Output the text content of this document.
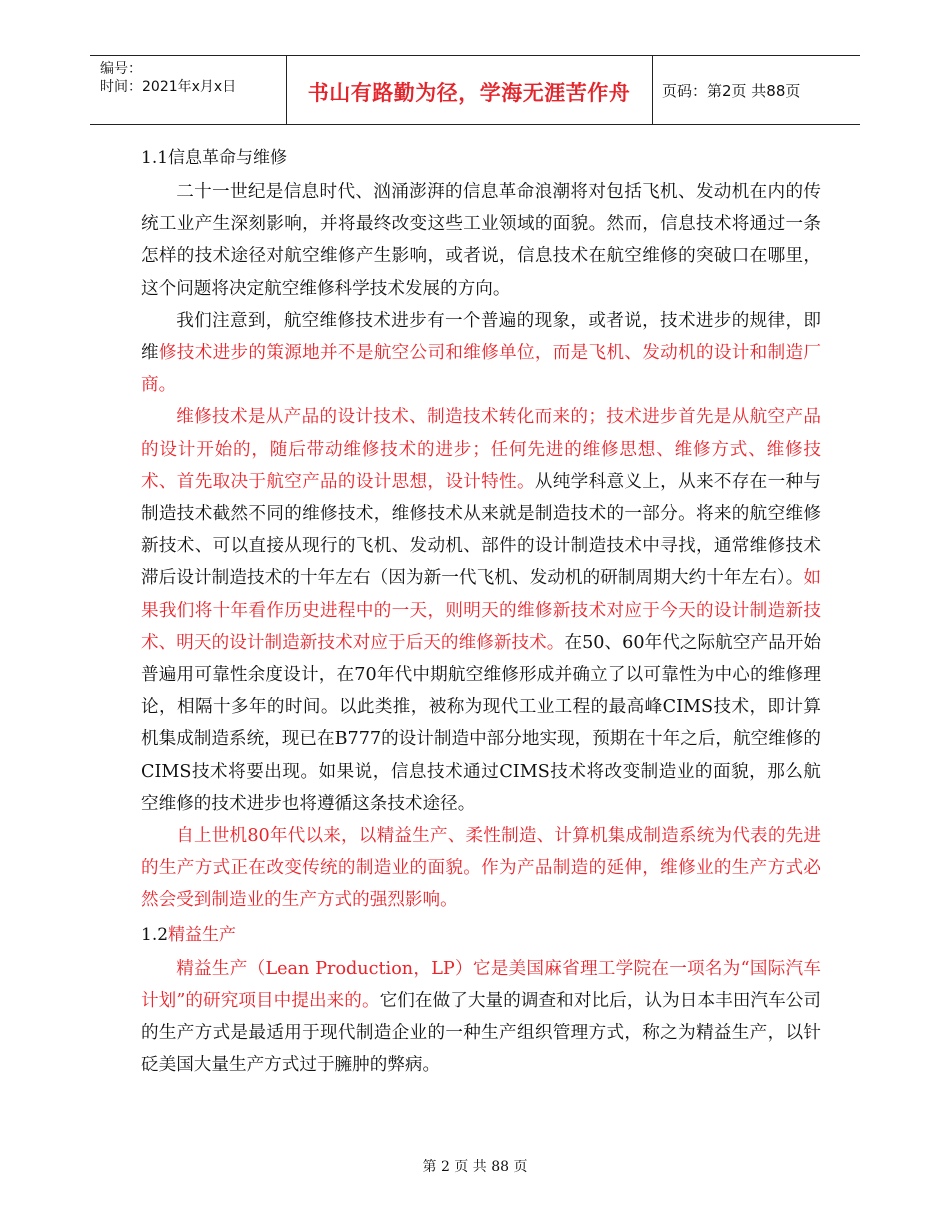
编号：
时间：2021年x月x日	书山有路勤为径，学海无涯苦作舟	页码：第2页 共88页
1.1信息革命与维修

二十一世纪是信息时代、汹涌澎湃的信息革命浪潮将对包括飞机、发动机在内的传统工业产生深刻影响，并将最终改变这些工业领域的面貌。然而，信息技术将通过一条怎样的技术途径对航空维修产生影响，或者说，信息技术在航空维修的突破口在哪里，这个问题将决定航空维修科学技术发展的方向。

我们注意到，航空维修技术进步有一个普遍的现象，或者说，技术进步的规律，即维修技术进步的策源地并不是航空公司和维修单位，而是飞机、发动机的设计和制造厂商。

维修技术是从产品的设计技术、制造技术转化而来的；技术进步首先是从航空产品的设计开始的，随后带动维修技术的进步；任何先进的维修思想、维修方式、维修技术、首先取决于航空产品的设计思想，设计特性。从纯学科意义上，从来不存在一种与制造技术截然不同的维修技术，维修技术从来就是制造技术的一部分。将来的航空维修新技术、可以直接从现行的飞机、发动机、部件的设计制造技术中寻找，通常维修技术滞后设计制造技术的十年左右（因为新一代飞机、发动机的研制周期大约十年左右）。如果我们将十年看作历史进程中的一天，则明天的维修新技术对应于今天的设计制造新技术、明天的设计制造新技术对应于后天的维修新技术。在50、60年代之际航空产品开始普遍用可靠性余度设计，在70年代中期航空维修形成并确立了以可靠性为中心的维修理论，相隔十多年的时间。以此类推，被称为现代工业工程的最高峰CIMS技术，即计算机集成制造系统，现已在B777的设计制造中部分地实现，预期在十年之后，航空维修的CIMS技术将要出现。如果说，信息技术通过CIMS技术将改变制造业的面貌，那么航空维修的技术进步也将遵循这条技术途径。

自上世机80年代以来，以精益生产、柔性制造、计算机集成制造系统为代表的先进的生产方式正在改变传统的制造业的面貌。作为产品制造的延伸，维修业的生产方式必然会受到制造业的生产方式的强烈影响。

1.2精益生产

精益生产（Lean Production，LP）它是美国麻省理工学院在一项名为“国际汽车计划”的研究项目中提出来的。它们在做了大量的调查和对比后，认为日本丰田汽车公司的生产方式是最适用于现代制造企业的一种生产组织管理方式，称之为精益生产，以针砭美国大量生产方式过于臃肿的弊病。

第 2 页 共 88 页
